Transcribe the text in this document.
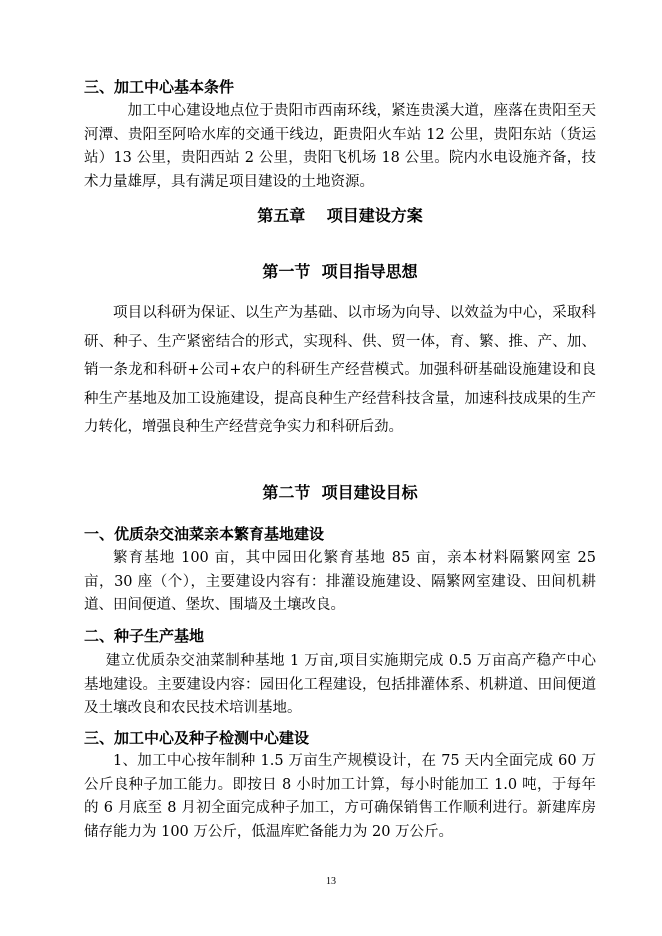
三、加工中心基本条件

加工中心建设地点位于贵阳市西南环线，紧连贵溪大道，座落在贵阳至天河潭、贵阳至阿哈水库的交通干线边，距贵阳火车站 12 公里，贵阳东站（货运站）13 公里，贵阳西站 2 公里，贵阳飞机场 18 公里。院内水电设施齐备，技术力量雄厚，具有满足项目建设的土地资源。

第五章　 项目建设方案
第一节  项目指导思想

项目以科研为保证、以生产为基础、以市场为向导、以效益为中心，采取科研、种子、生产紧密结合的形式，实现科、供、贸一体，育、繁、推、产、加、销一条龙和科研+公司+农户的科研生产经营模式。加强科研基础设施建设和良种生产基地及加工设施建设，提高良种生产经营科技含量，加速科技成果的生产力转化，增强良种生产经营竞争实力和科研后劲。

第二节  项目建设目标
一、优质杂交油菜亲本繁育基地建设

繁育基地 100 亩，其中园田化繁育基地 85 亩，亲本材料隔繁网室 25 亩，30 座（个），主要建设内容有：排灌设施建设、隔繁网室建设、田间机耕道、田间便道、堡坎、围墙及土壤改良。

二、种子生产基地

建立优质杂交油菜制种基地 1 万亩,项目实施期完成 0.5 万亩高产稳产中心基地建设。主要建设内容：园田化工程建设，包括排灌体系、机耕道、田间便道及土壤改良和农民技术培训基地。

三、加工中心及种子检测中心建设

1、加工中心按年制种 1.5 万亩生产规模设计，在 75 天内全面完成 60 万公斤良种子加工能力。即按日 8 小时加工计算，每小时能加工 1.0 吨，于每年的 6 月底至 8 月初全面完成种子加工，方可确保销售工作顺利进行。新建库房储存能力为 100 万公斤，低温库贮备能力为 20 万公斤。

13
